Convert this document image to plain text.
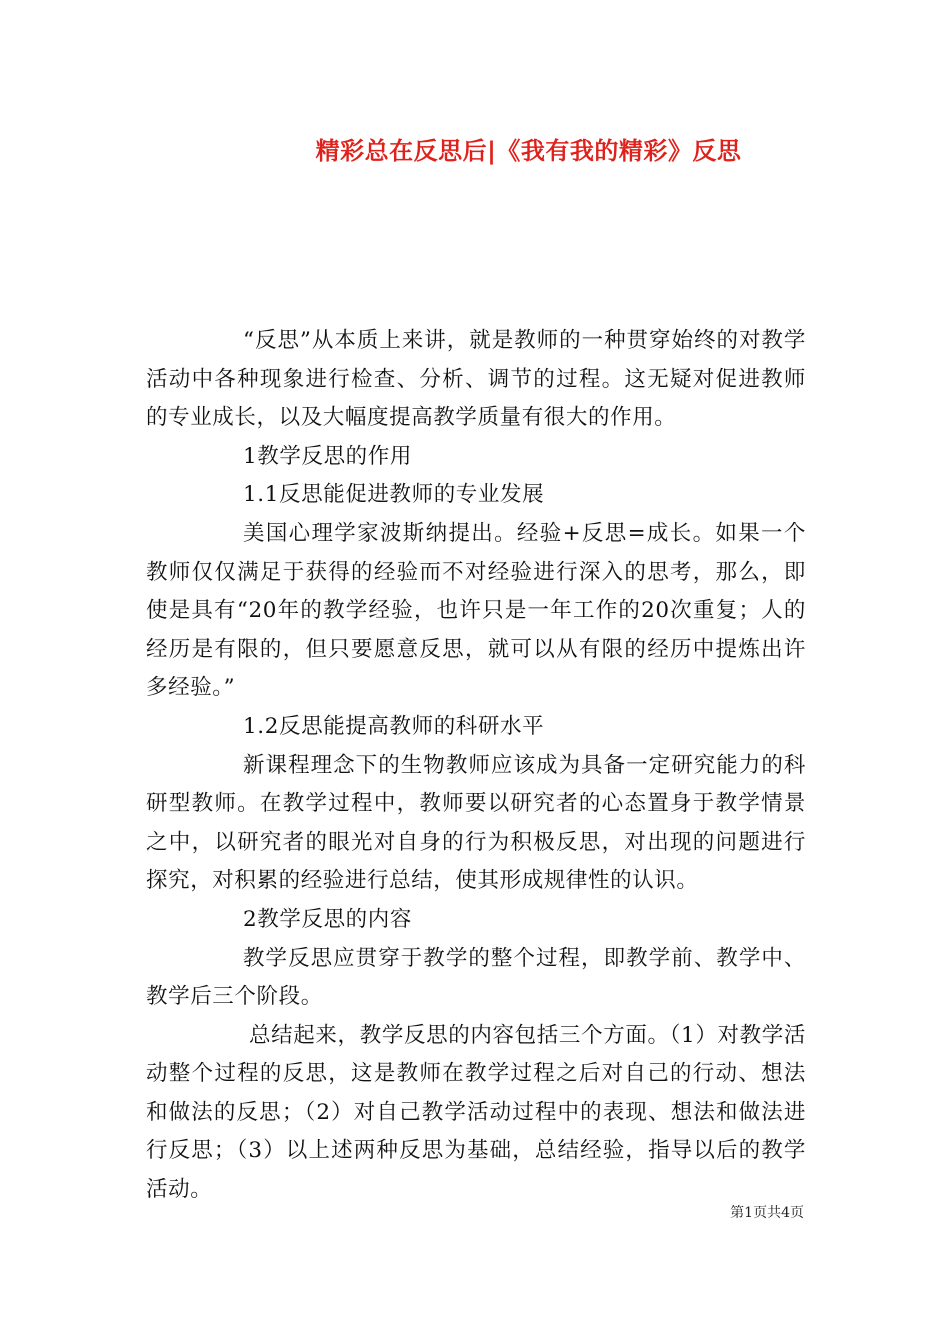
精彩总在反思后|《我有我的精彩》反思

“反思”从本质上来讲，就是教师的一种贯穿始终的对教学活动中各种现象进行检查、分析、调节的过程。这无疑对促进教师的专业成长，以及大幅度提高教学质量有很大的作用。

1教学反思的作用

1.1反思能促进教师的专业发展

美国心理学家波斯纳提出。经验+反思=成长。如果一个教师仅仅满足于获得的经验而不对经验进行深入的思考，那么，即使是具有“20年的教学经验，也许只是一年工作的20次重复；人的经历是有限的，但只要愿意反思，就可以从有限的经历中提炼出许多经验。”

1.2反思能提高教师的科研水平

新课程理念下的生物教师应该成为具备一定研究能力的科研型教师。在教学过程中，教师要以研究者的心态置身于教学情景之中，以研究者的眼光对自身的行为积极反思，对出现的问题进行探究，对积累的经验进行总结，使其形成规律性的认识。

2教学反思的内容

教学反思应贯穿于教学的整个过程，即教学前、教学中、教学后三个阶段。

总结起来，教学反思的内容包括三个方面。（1）对教学活动整个过程的反思，这是教师在教学过程之后对自己的行动、想法和做法的反思；（2）对自己教学活动过程中的表现、想法和做法进行反思；（3）以上述两种反思为基础，总结经验，指导以后的教学活动。

第1页共4页
